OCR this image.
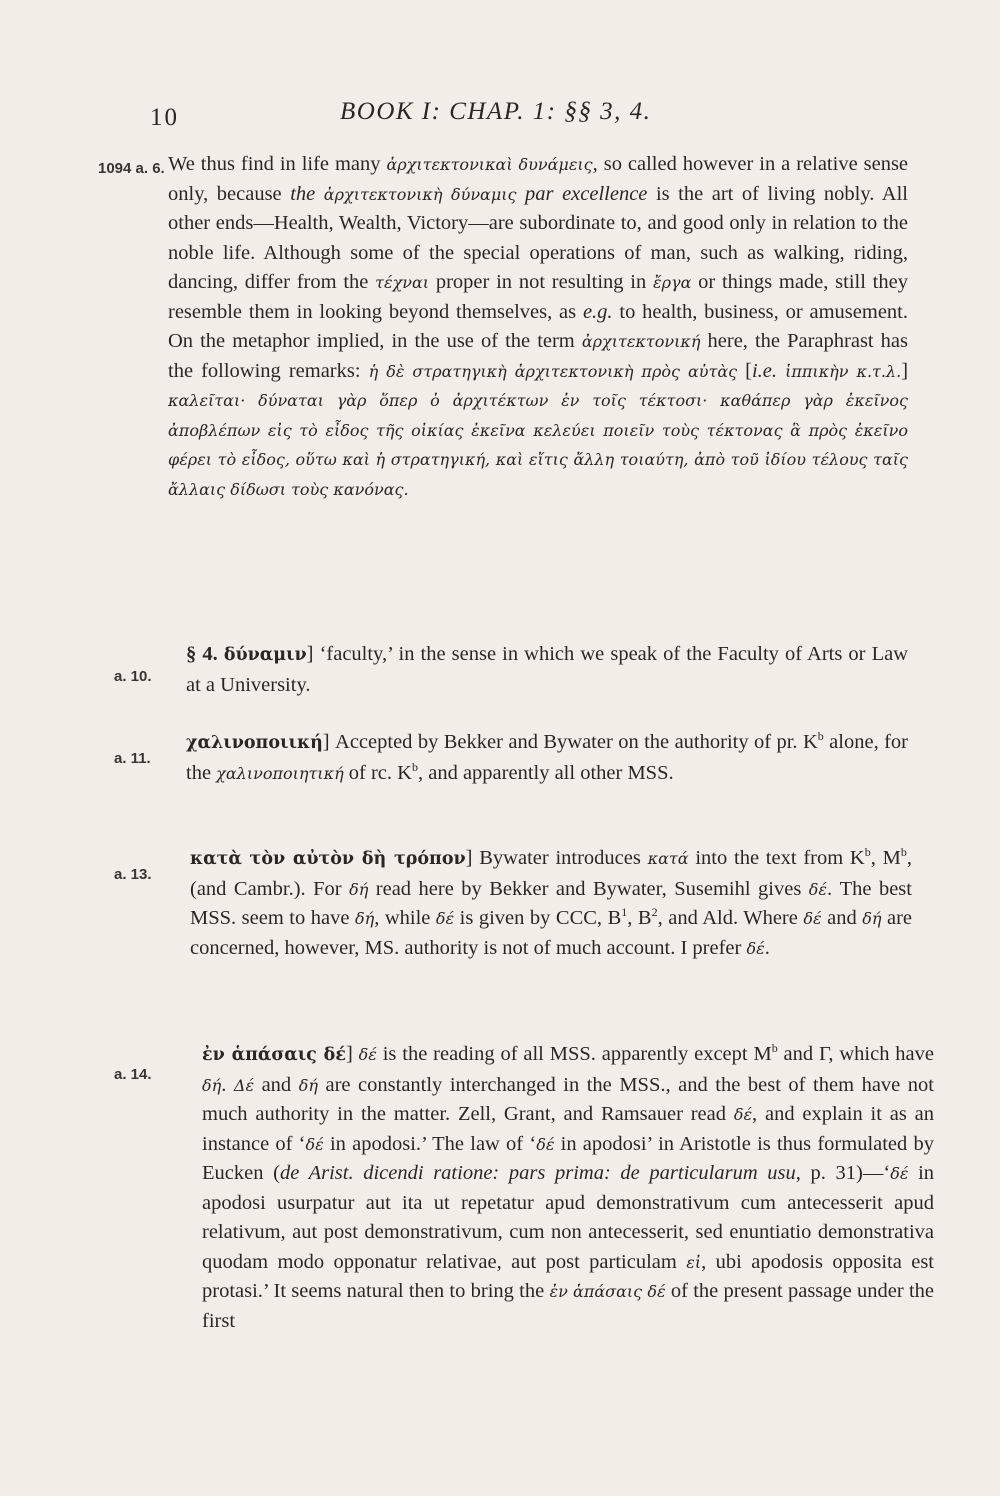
10	BOOK I: CHAP. 1: §§ 3, 4.
1094 a. 6. We thus find in life many ἀρχιτεκτονικαὶ δυνάμεις, so called however in a relative sense only, because the ἀρχιτεκτονικὴ δύναμις par excellence is the art of living nobly. All other ends—Health, Wealth, Victory—are subordinate to, and good only in relation to the noble life. Although some of the special operations of man, such as walking, riding, dancing, differ from the τέχναι proper in not resulting in ἔργα or things made, still they resemble them in looking beyond themselves, as e.g. to health, business, or amusement. On the metaphor implied, in the use of the term ἀρχιτεκτονική here, the Paraphrast has the following remarks: ἡ δὲ στρατηγικὴ ἀρχιτεκτονικὴ πρὸς αὐτὰς [i.e. ἱππικὴν κ.τ.λ.] καλεῖται· δύναται γὰρ ὅπερ ὁ ἀρχιτέκτων ἐν τοῖς τέκτοσι· καθάπερ γὰρ ἐκεῖνος ἀποβλέπων εἰς τὸ εἶδος τῆς οἰκίας ἐκεῖνα κελεύει ποιεῖν τοὺς τέκτονας ἃ πρὸς ἐκεῖνο φέρει τὸ εἶδος, οὕτω καὶ ἡ στρατηγική, καὶ εἴτις ἄλλη τοιαύτη, ἀπὸ τοῦ ἰδίου τέλους ταῖς ἄλλαις δίδωσι τοὺς κανόνας.
a. 10.
§ 4. δύναμιν] ‘faculty,’ in the sense in which we speak of the Faculty of Arts or Law at a University.
a. 11.
χαλινοποιική] Accepted by Bekker and Bywater on the authority of pr. $K^b$ alone, for the χαλινοποιητική of rc. $K^b$, and apparently all other MSS.
a. 13.
κατὰ τὸν αὐτὸν δὴ τρόπον] Bywater introduces κατά into the text from $K^b$, $M^b$, (and Cambr.). For δή read here by Bekker and Bywater, Susemihl gives δέ. The best MSS. seem to have δή, while δέ is given by CCC, $B^1$, $B^2$, and Ald. Where δέ and δή are concerned, however, MS. authority is not of much account. I prefer δέ.
a. 14.
ἐν ἁπάσαις δέ] δέ is the reading of all MSS. apparently except $M^b$ and Γ, which have δή. Δέ and δή are constantly interchanged in the MSS., and the best of them have not much authority in the matter. Zell, Grant, and Ramsauer read δέ, and explain it as an instance of ‘δέ in apodosi.’ The law of ‘δέ in apodosi’ in Aristotle is thus formulated by Eucken (de Arist. dicendi ratione: pars prima: de particularum usu, p. 31)—‘δέ in apodosi usurpatur aut ita ut repetatur apud demonstrativum cum antecesserit apud relativum, aut post demonstrativum, cum non antecesserit, sed enuntiatio demonstrativa quodam modo opponatur relativae, aut post particulam εἰ, ubi apodosis opposita est protasi.’ It seems natural then to bring the ἐν ἁπάσαις δέ of the present passage under the first
